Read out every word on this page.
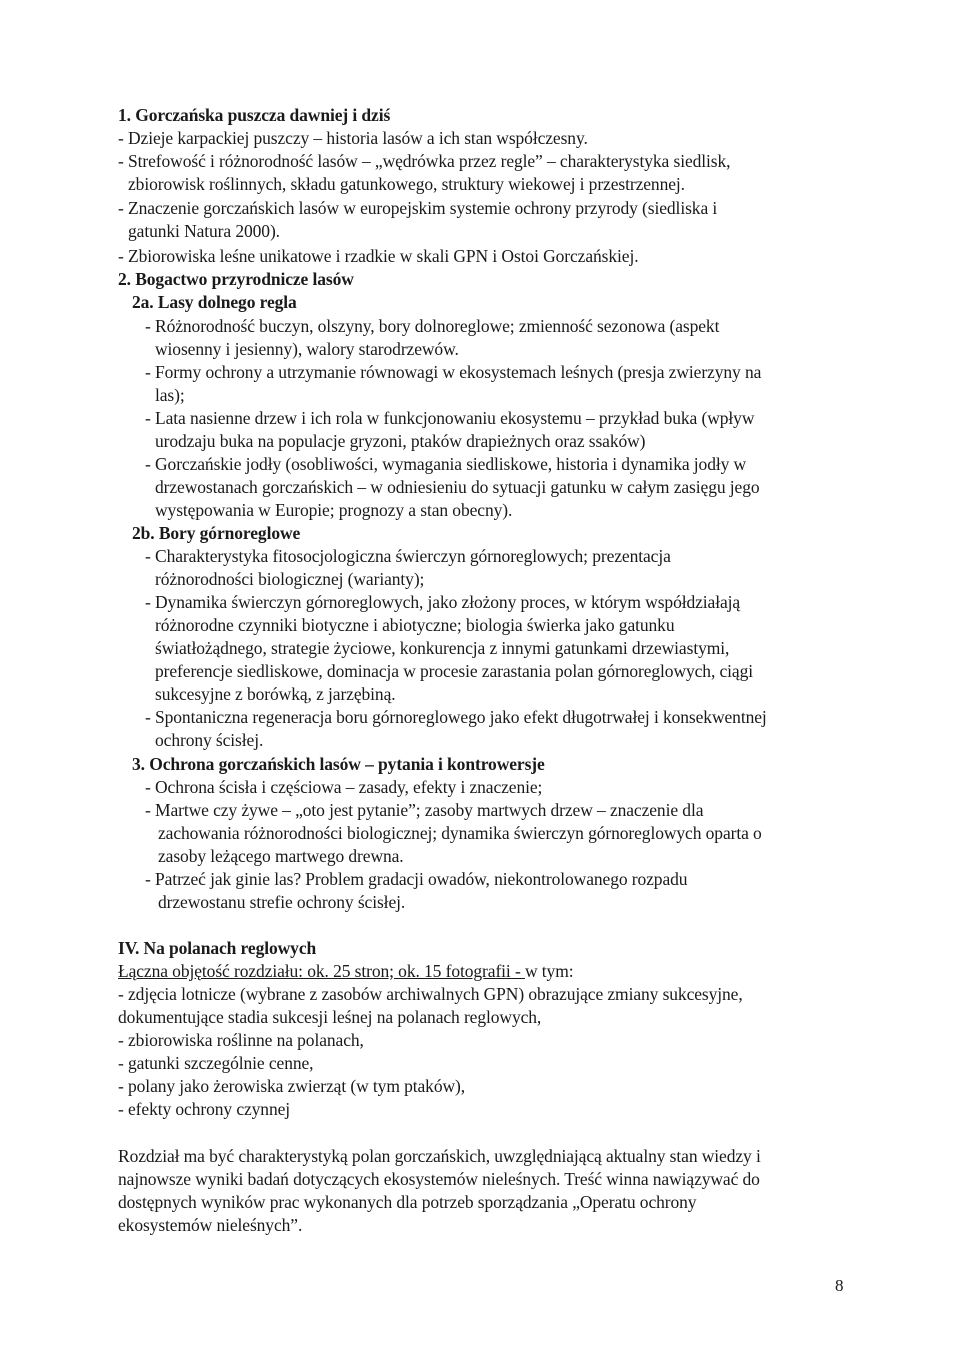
1. Gorczańska puszcza dawniej i dziś
- Dzieje karpackiej puszczy – historia lasów a ich stan współczesny.
- Strefowość i różnorodność lasów – „wędrówka przez regle” – charakterystyka siedlisk,
zbiorowisk roślinnych, składu gatunkowego, struktury wiekowej i przestrzennej.
- Znaczenie gorczańskich lasów w europejskim systemie ochrony przyrody (siedliska i
gatunki Natura 2000).
- Zbiorowiska leśne unikatowe i rzadkie w skali GPN i Ostoi Gorczańskiej.
2. Bogactwo przyrodnicze lasów
2a. Lasy dolnego regla
- Różnorodność buczyn, olszyny, bory dolnoreglowe; zmienność sezonowa (aspekt
wiosenny i jesienny), walory starodrzewów.
- Formy ochrony a utrzymanie równowagi w ekosystemach leśnych (presja zwierzyny na
las);
- Lata nasienne drzew i ich rola w funkcjonowaniu ekosystemu – przykład buka (wpływ
urodzaju buka na populacje gryzoni, ptaków drapieżnych oraz ssaków)
- Gorczańskie jodły (osobliwości, wymagania siedliskowe, historia i dynamika jodły w
drzewostanach gorczańskich – w odniesieniu do sytuacji gatunku w całym zasięgu jego
występowania w Europie; prognozy a stan obecny).
2b. Bory górnoreglowe
- Charakterystyka fitosocjologiczna świerczyn górnoreglowych; prezentacja
różnorodności biologicznej (warianty);
- Dynamika świerczyn górnoreglowych, jako złożony proces, w którym współdziałają
różnorodne czynniki biotyczne i abiotyczne; biologia świerka jako gatunku
światłożądnego, strategie życiowe, konkurencja z innymi gatunkami drzewiastymi,
preferencje siedliskowe, dominacja w procesie zarastania polan górnoreglowych, ciągi
sukcesyjne z borówką, z jarzębiną.
- Spontaniczna regeneracja boru górnoreglowego jako efekt długotrwałej i konsekwentnej
ochrony ścisłej.
3. Ochrona gorczańskich lasów – pytania i kontrowersje
- Ochrona ścisła i częściowa – zasady, efekty i znaczenie;
- Martwe czy żywe – „oto jest pytanie”; zasoby martwych drzew – znaczenie dla
zachowania różnorodności biologicznej; dynamika świerczyn górnoreglowych oparta o
zasoby leżącego martwego drewna.
- Patrzeć jak ginie las? Problem gradacji owadów, niekontrolowanego rozpadu
drzewostanu strefie ochrony ścisłej.
IV. Na polanach reglowych
Łączna objętość rozdziału: ok. 25 stron; ok. 15 fotografii - w tym:
- zdjęcia lotnicze (wybrane z zasobów archiwalnych GPN) obrazujące zmiany sukcesyjne,
dokumentujące stadia sukcesji leśnej na polanach reglowych,
- zbiorowiska roślinne na polanach,
- gatunki szczególnie cenne,
- polany jako żerowiska zwierząt (w tym ptaków),
- efekty ochrony czynnej
Rozdział ma być charakterystyką polan gorczańskich, uwzględniającą aktualny stan wiedzy i
najnowsze wyniki badań dotyczących ekosystemów nieleśnych. Treść winna nawiązywać do
dostępnych wyników prac wykonanych dla potrzeb sporządzania „Operatu ochrony
ekosystemów nieleśnych”.
8
